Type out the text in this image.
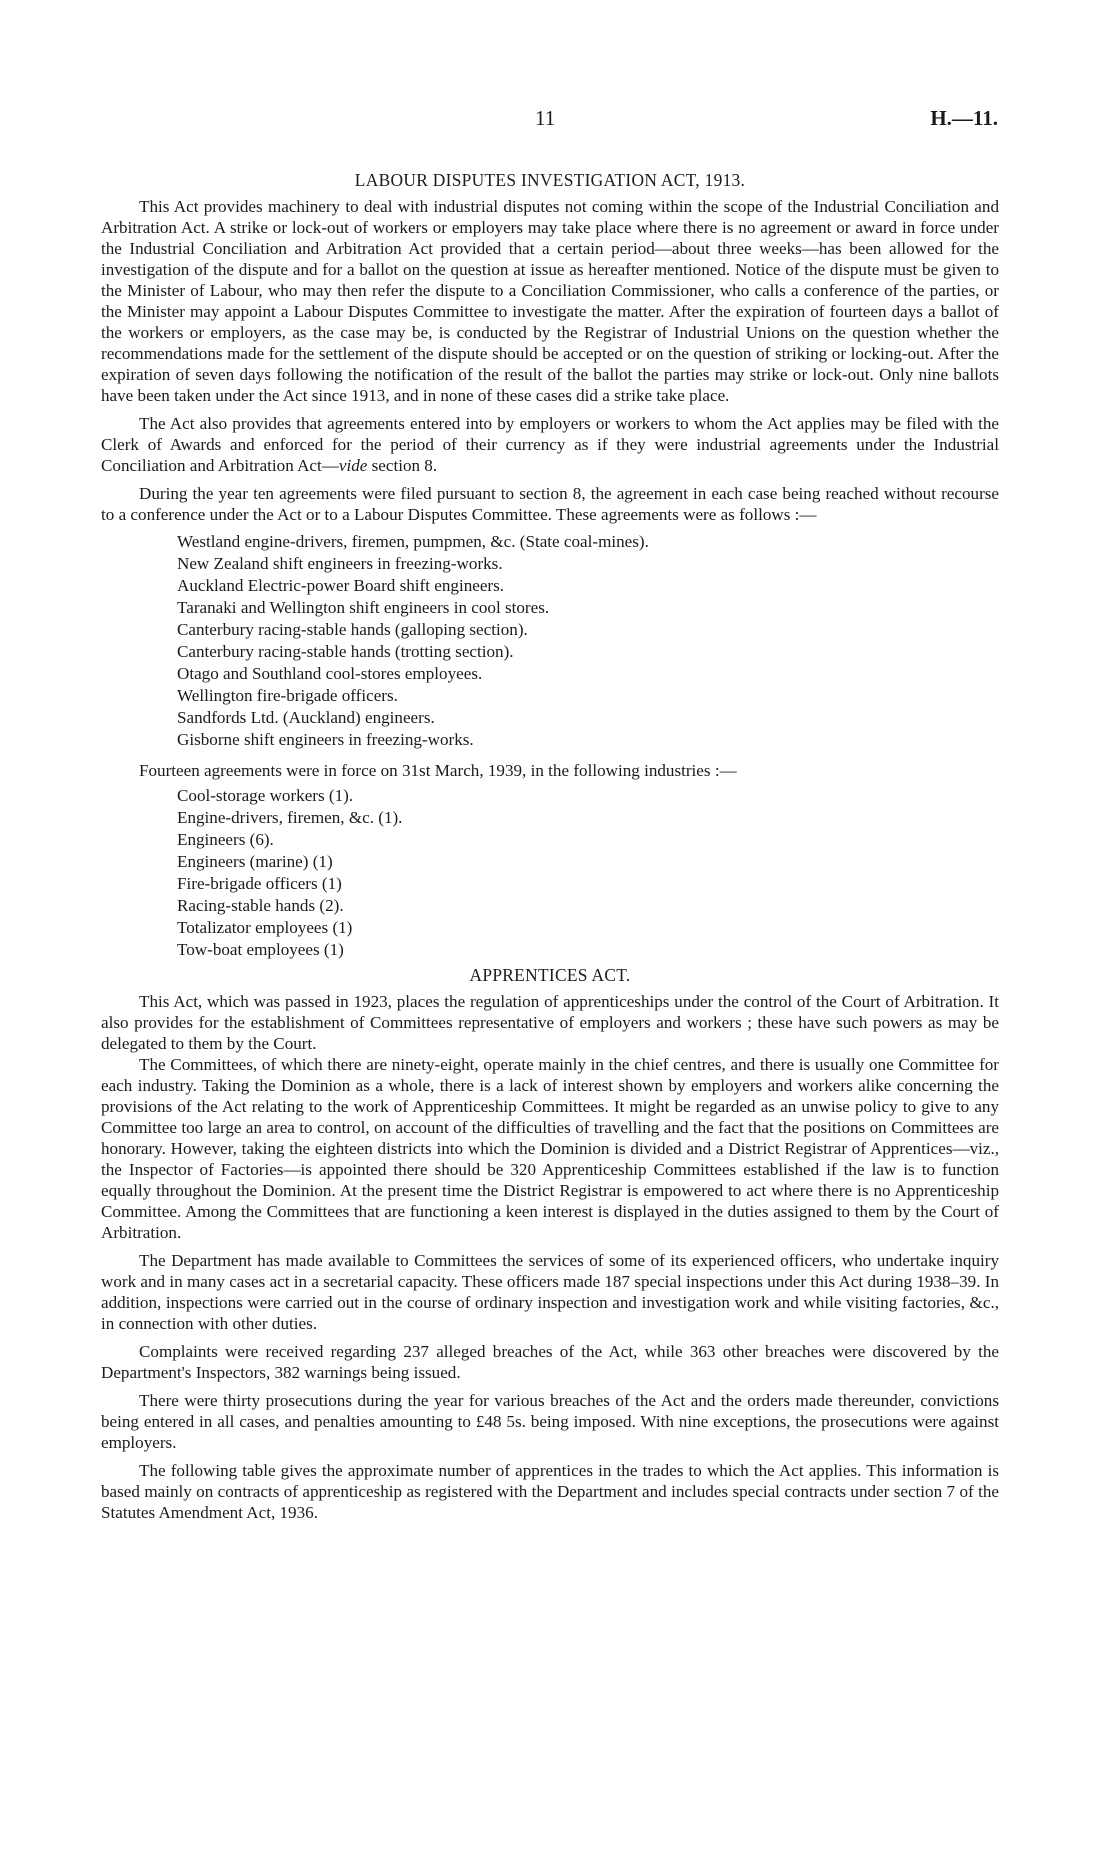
11	H.—11.
LABOUR DISPUTES INVESTIGATION ACT, 1913.

This Act provides machinery to deal with industrial disputes not coming within the scope of the Industrial Conciliation and Arbitration Act. A strike or lock-out of workers or employers may take place where there is no agreement or award in force under the Industrial Conciliation and Arbitration Act provided that a certain period—about three weeks—has been allowed for the investigation of the dispute and for a ballot on the question at issue as hereafter mentioned. Notice of the dispute must be given to the Minister of Labour, who may then refer the dispute to a Conciliation Commissioner, who calls a conference of the parties, or the Minister may appoint a Labour Disputes Committee to investigate the matter. After the expiration of fourteen days a ballot of the workers or employers, as the case may be, is conducted by the Registrar of Industrial Unions on the question whether the recommendations made for the settlement of the dispute should be accepted or on the question of striking or locking-out. After the expiration of seven days following the notification of the result of the ballot the parties may strike or lock-out. Only nine ballots have been taken under the Act since 1913, and in none of these cases did a strike take place.

The Act also provides that agreements entered into by employers or workers to whom the Act applies may be filed with the Clerk of Awards and enforced for the period of their currency as if they were industrial agreements under the Industrial Conciliation and Arbitration Act—vide section 8.

During the year ten agreements were filed pursuant to section 8, the agreement in each case being reached without recourse to a conference under the Act or to a Labour Disputes Committee. These agreements were as follows :—

Westland engine-drivers, firemen, pumpmen, &c. (State coal-mines).
New Zealand shift engineers in freezing-works.
Auckland Electric-power Board shift engineers.
Taranaki and Wellington shift engineers in cool stores.
Canterbury racing-stable hands (galloping section).
Canterbury racing-stable hands (trotting section).
Otago and Southland cool-stores employees.
Wellington fire-brigade officers.
Sandfords Ltd. (Auckland) engineers.
Gisborne shift engineers in freezing-works.

Fourteen agreements were in force on 31st March, 1939, in the following industries :—

Cool-storage workers (1).
Engine-drivers, firemen, &c. (1).
Engineers (6).
Engineers (marine) (1)
Fire-brigade officers (1)
Racing-stable hands (2).
Totalizator employees (1)
Tow-boat employees (1)
APPRENTICES ACT.

This Act, which was passed in 1923, places the regulation of apprenticeships under the control of the Court of Arbitration. It also provides for the establishment of Committees representative of employers and workers ; these have such powers as may be delegated to them by the Court.

The Committees, of which there are ninety-eight, operate mainly in the chief centres, and there is usually one Committee for each industry. Taking the Dominion as a whole, there is a lack of interest shown by employers and workers alike concerning the provisions of the Act relating to the work of Apprenticeship Committees. It might be regarded as an unwise policy to give to any Committee too large an area to control, on account of the difficulties of travelling and the fact that the positions on Committees are honorary. However, taking the eighteen districts into which the Dominion is divided and a District Registrar of Apprentices—viz., the Inspector of Factories—is appointed there should be 320 Apprenticeship Committees established if the law is to function equally throughout the Dominion. At the present time the District Registrar is empowered to act where there is no Apprenticeship Committee. Among the Committees that are functioning a keen interest is displayed in the duties assigned to them by the Court of Arbitration.

The Department has made available to Committees the services of some of its experienced officers, who undertake inquiry work and in many cases act in a secretarial capacity. These officers made 187 special inspections under this Act during 1938–39. In addition, inspections were carried out in the course of ordinary inspection and investigation work and while visiting factories, &c., in connection with other duties.

Complaints were received regarding 237 alleged breaches of the Act, while 363 other breaches were discovered by the Department's Inspectors, 382 warnings being issued.

There were thirty prosecutions during the year for various breaches of the Act and the orders made thereunder, convictions being entered in all cases, and penalties amounting to £48 5s. being imposed. With nine exceptions, the prosecutions were against employers.

The following table gives the approximate number of apprentices in the trades to which the Act applies. This information is based mainly on contracts of apprenticeship as registered with the Department and includes special contracts under section 7 of the Statutes Amendment Act, 1936.
